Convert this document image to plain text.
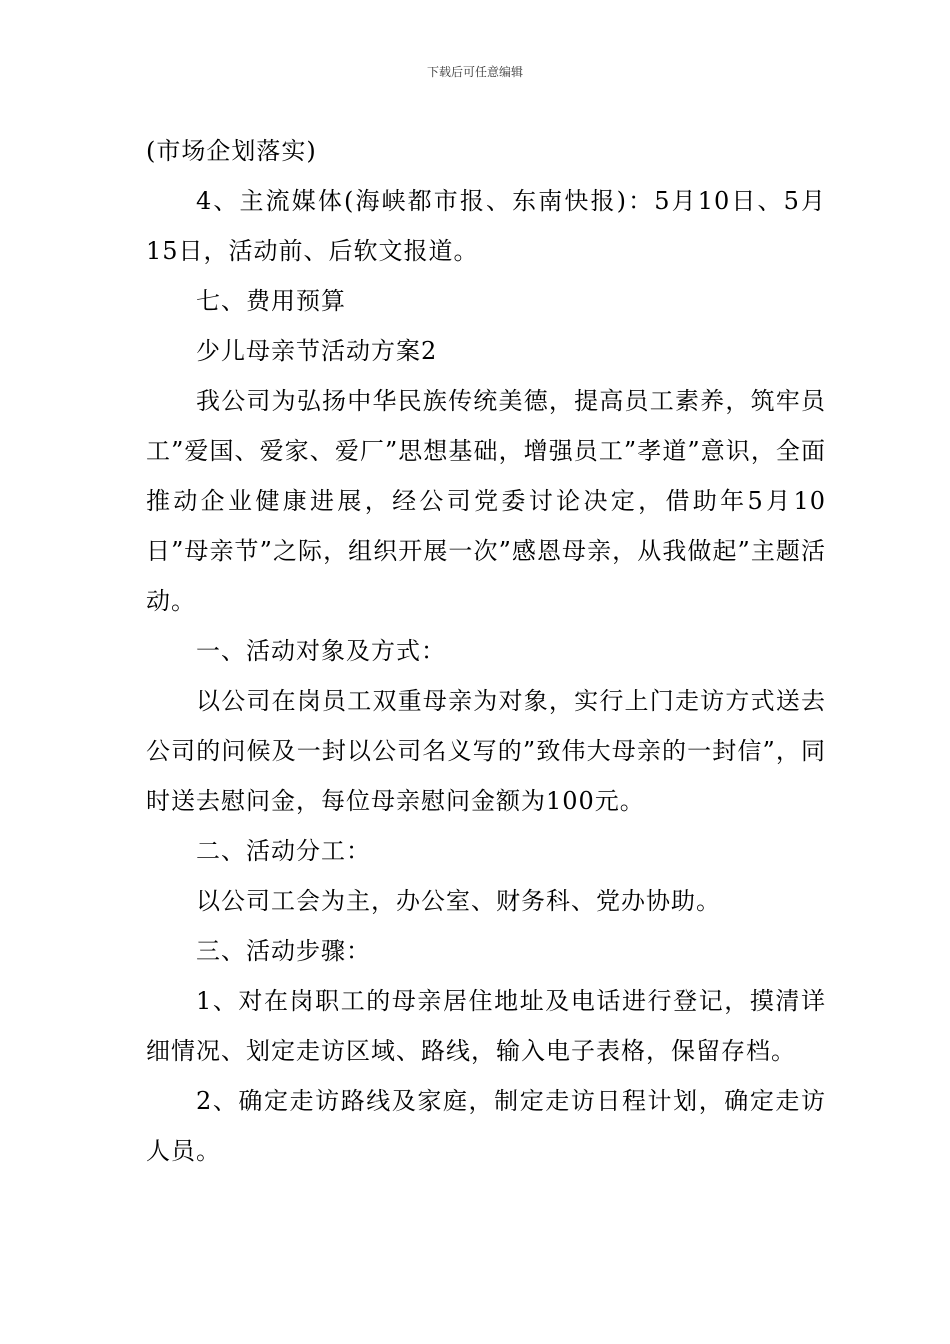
下载后可任意编辑

(市场企划落实)

4、主流媒体(海峡都市报、东南快报)：5月10日、5月15日，活动前、后软文报道。

七、费用预算

少儿母亲节活动方案2

我公司为弘扬中华民族传统美德，提高员工素养，筑牢员工”爱国、爱家、爱厂”思想基础，增强员工”孝道”意识，全面推动企业健康进展，经公司党委讨论决定，借助年5月10日”母亲节”之际，组织开展一次”感恩母亲，从我做起”主题活动。

一、活动对象及方式：

以公司在岗员工双重母亲为对象，实行上门走访方式送去公司的问候及一封以公司名义写的”致伟大母亲的一封信”，同时送去慰问金，每位母亲慰问金额为100元。

二、活动分工：

以公司工会为主，办公室、财务科、党办协助。

三、活动步骤：

1、对在岗职工的母亲居住地址及电话进行登记，摸清详细情况、划定走访区域、路线，输入电子表格，保留存档。

2、确定走访路线及家庭，制定走访日程计划，确定走访人员。
